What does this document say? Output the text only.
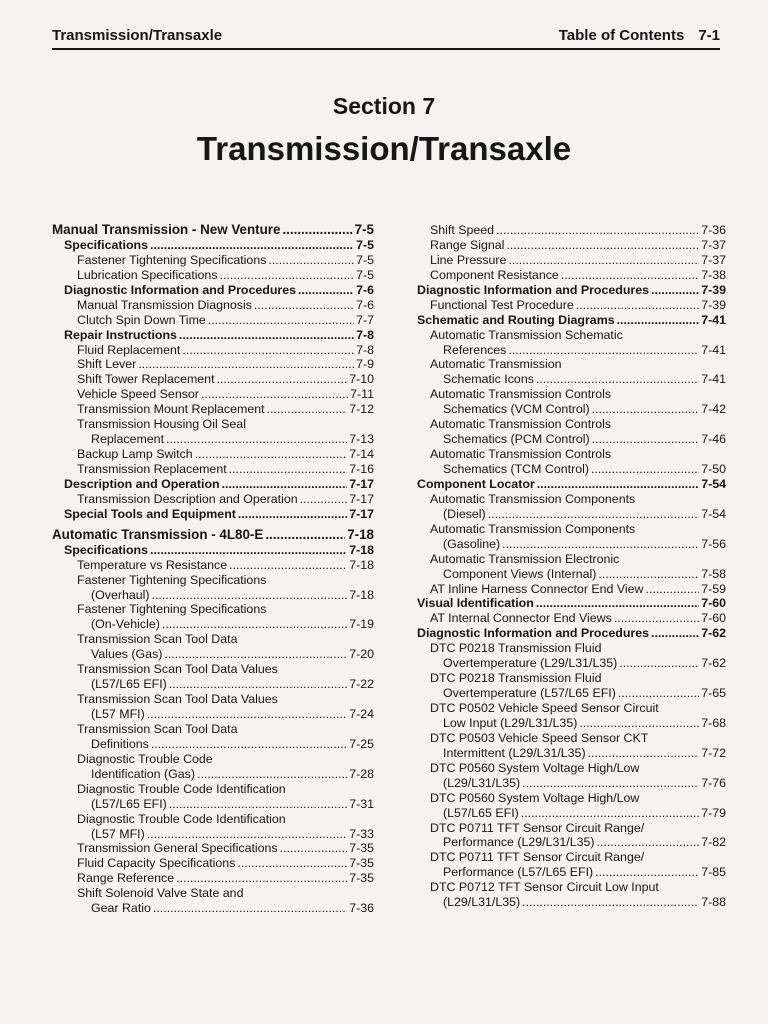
Transmission/Transaxle	Table of Contents 7-1
Section 7
Transmission/Transaxle
Manual Transmission - New Venture .....	7-5
Specifications .....	7-5
Fastener Tightening Specifications .....	7-5
Lubrication Specifications .....	7-5
Diagnostic Information and Procedures .....	7-6
Manual Transmission Diagnosis .....	7-6
Clutch Spin Down Time .....	7-7
Repair Instructions .....	7-8
Fluid Replacement .....	7-8
Shift Lever .....	7-9
Shift Tower Replacement .....	7-10
Vehicle Speed Sensor .....	7-11
Transmission Mount Replacement .....	7-12
Transmission Housing Oil Seal
Replacement .....	7-13
Backup Lamp Switch .....	7-14
Transmission Replacement .....	7-16
Description and Operation .....	7-17
Transmission Description and Operation .....	7-17
Special Tools and Equipment .....	7-17
Automatic Transmission - 4L80-E .....	7-18
Specifications .....	7-18
Temperature vs Resistance .....	7-18
Fastener Tightening Specifications
(Overhaul) .....	7-18
Fastener Tightening Specifications
(On-Vehicle) .....	7-19
Transmission Scan Tool Data
Values (Gas) .....	7-20
Transmission Scan Tool Data Values
(L57/L65 EFI) .....	7-22
Transmission Scan Tool Data Values
(L57 MFI) .....	7-24
Transmission Scan Tool Data
Definitions .....	7-25
Diagnostic Trouble Code
Identification (Gas) .....	7-28
Diagnostic Trouble Code Identification
(L57/L65 EFI) .....	7-31
Diagnostic Trouble Code Identification
(L57 MFI) .....	7-33
Transmission General Specifications .....	7-35
Fluid Capacity Specifications .....	7-35
Range Reference .....	7-35
Shift Solenoid Valve State and
Gear Ratio .....	7-36
Shift Speed .....	7-36
Range Signal .....	7-37
Line Pressure .....	7-37
Component Resistance .....	7-38
Diagnostic Information and Procedures .....	7-39
Functional Test Procedure .....	7-39
Schematic and Routing Diagrams .....	7-41
Automatic Transmission Schematic
References .....	7-41
Automatic Transmission
Schematic Icons .....	7-41
Automatic Transmission Controls
Schematics (VCM Control) .....	7-42
Automatic Transmission Controls
Schematics (PCM Control) .....	7-46
Automatic Transmission Controls
Schematics (TCM Control) .....	7-50
Component Locator .....	7-54
Automatic Transmission Components
(Diesel) .....	7-54
Automatic Transmission Components
(Gasoline) .....	7-56
Automatic Transmission Electronic
Component Views (Internal) .....	7-58
AT Inline Harness Connector End View .....	7-59
Visual Identification .....	7-60
AT Internal Connector End Views .....	7-60
Diagnostic Information and Procedures .....	7-62
DTC P0218 Transmission Fluid
Overtemperature (L29/L31/L35) .....	7-62
DTC P0218 Transmission Fluid
Overtemperature (L57/L65 EFI) .....	7-65
DTC P0502 Vehicle Speed Sensor Circuit
Low Input (L29/L31/L35) .....	7-68
DTC P0503 Vehicle Speed Sensor CKT
Intermittent (L29/L31/L35) .....	7-72
DTC P0560 System Voltage High/Low
(L29/L31/L35) .....	7-76
DTC P0560 System Voltage High/Low
(L57/L65 EFI) .....	7-79
DTC P0711 TFT Sensor Circuit Range/
Performance (L29/L31/L35) .....	7-82
DTC P0711 TFT Sensor Circuit Range/
Performance (L57/L65 EFI) .....	7-85
DTC P0712 TFT Sensor Circuit Low Input
(L29/L31/L35) .....	7-88
